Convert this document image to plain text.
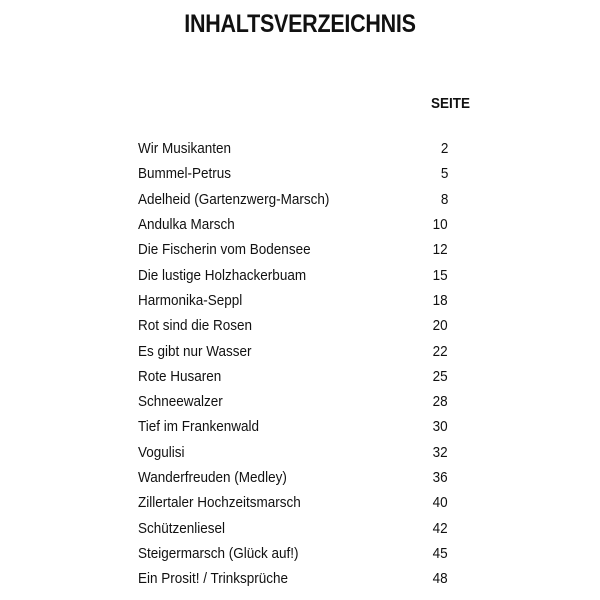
INHALTSVERZEICHNIS
SEITE
Wir Musikanten	2
Bummel-Petrus	5
Adelheid (Gartenzwerg-Marsch)	8
Andulka Marsch	10
Die Fischerin vom Bodensee	12
Die lustige Holzhackerbuam	15
Harmonika-Seppl	18
Rot sind die Rosen	20
Es gibt nur Wasser	22
Rote Husaren	25
Schneewalzer	28
Tief im Frankenwald	30
Vogulisi	32
Wanderfreuden (Medley)	36
Zillertaler Hochzeitsmarsch	40
Schützenliesel	42
Steigermarsch (Glück auf!)	45
Ein Prosit! / Trinksprüche	48
